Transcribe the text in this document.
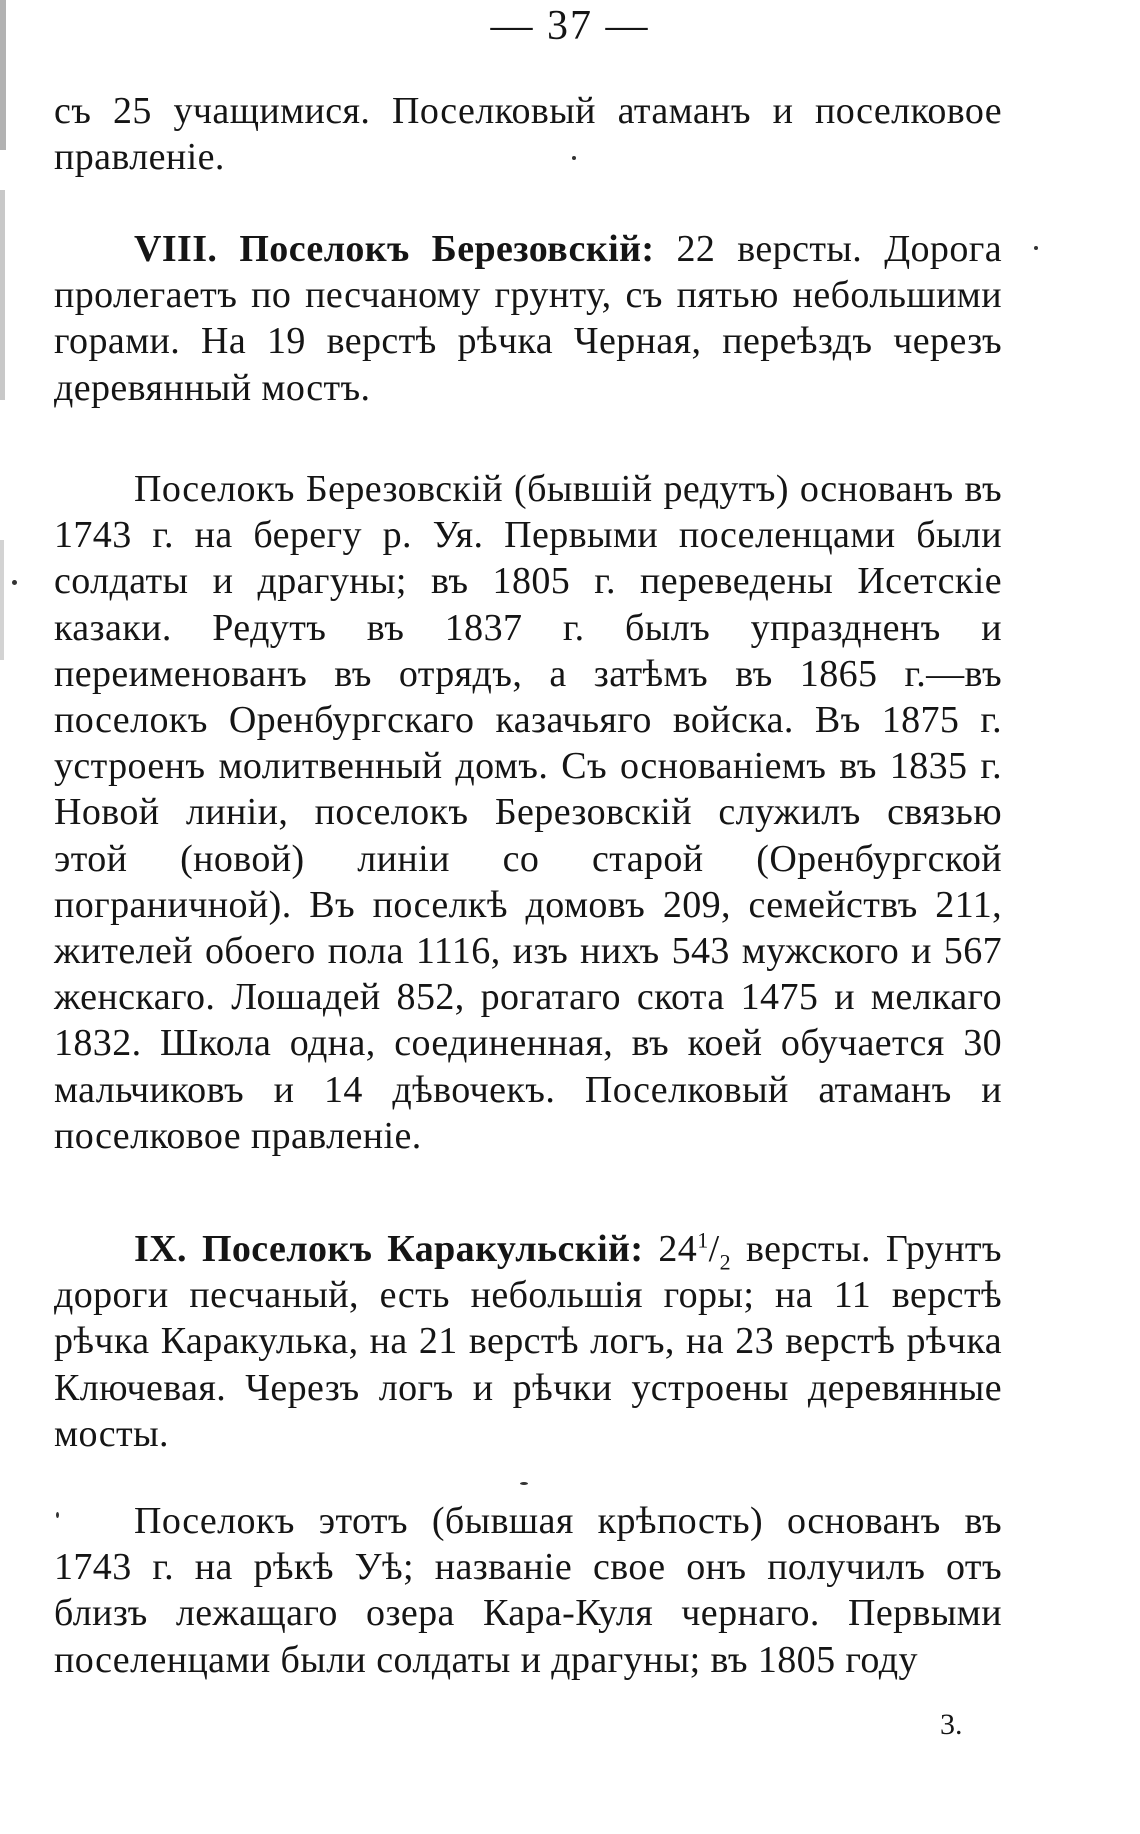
— 37 —
съ 25 учащимися. Поселковый атаманъ и поселковое правленіе.
VIII. Поселокъ Березовскій: 22 версты. Дорога пролегаетъ по песчаному грунту, съ пятью небольшими горами. На 19 верстѣ рѣчка Черная, переѣздъ черезъ деревянный мостъ.
Поселокъ Березовскій (бывшій редутъ) основанъ въ 1743 г. на берегу р. Уя. Первыми поселенцами были солдаты и драгуны; въ 1805 г. переведены Исетскіе казаки. Редутъ въ 1837 г. былъ упраздненъ и переименованъ въ отрядъ, а затѣмъ въ 1865 г.—въ поселокъ Оренбургскаго казачьяго войска. Въ 1875 г. устроенъ молитвенный домъ. Съ основаніемъ въ 1835 г. Новой линіи, поселокъ Березовскій служилъ связью этой (новой) линіи со старой (Оренбургской пограничной). Въ поселкѣ домовъ 209, семействъ 211, жителей обоего пола 1116, изъ нихъ 543 мужского и 567 женскаго. Лошадей 852, рогатаго скота 1475 и мелкаго 1832. Школа одна, соединенная, въ коей обучается 30 мальчиковъ и 14 дѣвочекъ. Поселковый атаманъ и поселковое правленіе.
IX. Поселокъ Каракульскій: $24^1/_2$ версты. Грунтъ дороги песчаный, есть небольшія горы; на 11 верстѣ рѣчка Каракулька, на 21 верстѣ логъ, на 23 верстѣ рѣчка Ключевая. Черезъ логъ и рѣчки устроены деревянные мосты.
Поселокъ этотъ (бывшая крѣпость) основанъ въ 1743 г. на рѣкѣ Уѣ; названіе свое онъ получилъ отъ близъ лежащаго озера Кара-Куля чернаго. Первыми поселенцами были солдаты и драгуны; въ 1805 году
3.
